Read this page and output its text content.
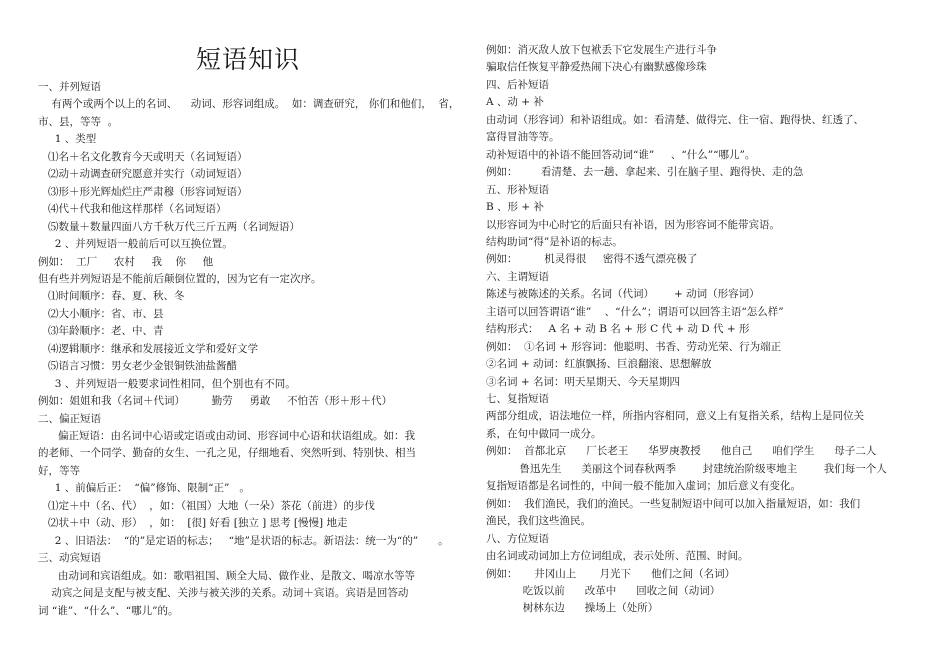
短语知识
一、并列短语
有两个或两个以上的名词、    动词、形容词组成。  如：调查研究， 你们和他们，  省，
市、县，等等  。
1 、类型
⑴名＋名文化教育今天或明天（名词短语）
⑵动＋动调查研究愿意并实行（动词短语）
⑶形＋形光辉灿烂庄严肃穆（形容词短语）
⑷代＋代我和他这样那样（名词短语）
⑸数量＋数量四面八方千秋万代三斤五两（名词短语）
2 、并列短语一般前后可以互换位置。
例如：  工厂     农村     我    你     他
但有些并列短语是不能前后颠倒位置的，因为它有一定次序。
⑴时间顺序：春、夏、秋、冬
⑵大小顺序：省、市、县
⑶年龄顺序：老、中、青
⑷逻辑顺序：继承和发展接近文学和爱好文学
⑸语言习惯：男女老少金银铜铁油盐酱醋
3 、并列短语一般要求词性相同，但个别也有不同。
例如：姐姐和我（名词＋代词）        勤劳     勇敢     不怕苦（形＋形＋代）
二、偏正短语
偏正短语：由名词中心语或定语或由动词、形容词中心语和状语组成。如：我
的老师、一个同学、勤奋的女生、一孔之见，仔细地看、突然听到、特别快、相当
好，等等
1 、前偏后正：  “偏”修饰、限制“正”   。
⑴定＋中（名、代）  ，如：（祖国）大地（一朵）茶花（前进）的步伐
⑵状＋中（动、形）  ，如：  [很] 好看 [独立 ] 思考 [慢慢] 地走
2 、旧语法：  “的”是定语的标志；   “地”是状语的标志。新语法：统一为“的”      。
三、动宾短语
由动词和宾语组成。如：歌唱祖国、顾全大局、做作业、是散文、喝凉水等等
动宾之间是支配与被支配、关涉与被关涉的关系。动词＋宾语。宾语是回答动
词 “谁”、“什么”、“哪儿”的。
例如：消灭敌人放下包袱丢下它发展生产进行斗争
骗取信任恢复平静爱热闹下决心有幽默感像珍珠
四、后补短语
A 、动 + 补
由动词（形容词）和补语组成。如：看清楚、做得完、住一宿、跑得快、红透了、
富得冒油等等。
动补短语中的补语不能回答动词“谁”     、“什么”“哪儿”。
例如：       看清楚、去一趟、拿起来、引在脑子里、跑得快、走的急
五、形补短语
B 、形 + 补
以形容词为中心时它的后面只有补语，因为形容词不能带宾语。
结构助词“得”是补语的标志。
例如：        机灵得很     密得不透气漂亮极了
六、主谓短语
陈述与被陈述的关系。名词（代词）      + 动词（形容词）
主语可以回答谓语“谁”    、“什么”；谓语可以回答主语“怎么样”
结构形式：   A 名 + 动 B 名 + 形 C 代 + 动 D 代 + 形
例如：  ①名词 + 形容词：他聪明、书香、劳动光荣、行为端正
②名词 + 动词：红旗飘扬、巨浪翻滚、思想解放
③名词 + 名词：明天星期天、今天星期四
七、复指短语
两部分组成，语法地位一样，所指内容相同，意义上有复指关系，结构上是同位关
系，在句中做同一成分。
例如：  首都北京      厂长老王      华罗庚教授      他自己      咱们学生      母子二人
鲁迅先生      美丽这个词春秋两季        封建统治阶级枣地主        我们每一个人
复指短语都是名词性的，中间一般不能加入虚词；加后意义有变化。
例如：  我们渔民，我们的渔民。一些复制短语中间可以加入指量短语，如：我们
渔民，我们这些渔民。
八、方位短语
由名词或动词加上方位词组成，表示处所、范围、时间。
例如：     井冈山上       月光下      他们之间（名词）
吃饭以前      改革中      回收之间（动词）
树林东边      操场上（处所）
